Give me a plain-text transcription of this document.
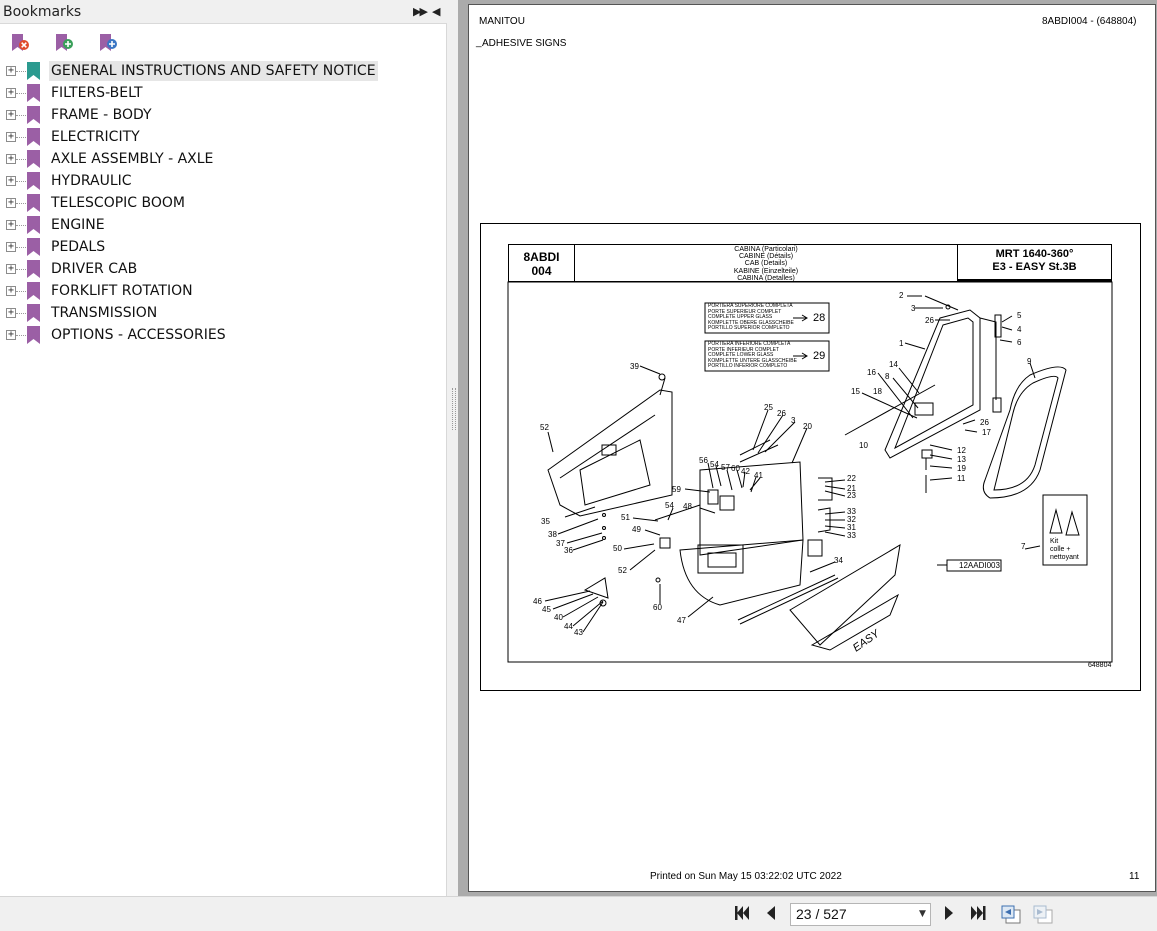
Bookmarks	▶▶ ◀
+	GENERAL INSTRUCTIONS AND SAFETY NOTICE
+	FILTERS-BELT
+	FRAME - BODY
+	ELECTRICITY
+	AXLE ASSEMBLY - AXLE
+	HYDRAULIC
+	TELESCOPIC BOOM
+	ENGINE
+	PEDALS
+	DRIVER CAB
+	FORKLIFT ROTATION
+	TRANSMISSION
+	OPTIONS - ACCESSORIES
MANITOU	8ABDI004 - (648804)
_ ADHESIVE SIGNS
8ABDI
004
CABINA (Particolari)
CABINE (Détails)
CAB (Details)
KABINE (Einzelteile)
CABINA (Detalles)
MRT 1640-360°
E3 - EASY St.3B
EASY
2
3
26
5
4
6
1
9
14
8
16
18
15
26
17
12
13
19
11
10
7
39
52
25
26
3
20
56 54 57 60 42 41
59
48
22
21
23
35	51
54
49
33
32
31
33
38
37
36	50
52
34
46
45
40
44
43
60
47
PORTIERA SUPERIORE COMPLETA
PORTE SUPERIEUR COMPLET
COMPLETE UPPER GLASS
KOMPLETTE OBERE GLASSCHEIBE
PORTILLO SUPERIOR COMPLETO
28
PORTIERA INFERIORE COMPLETA
PORTE INFERIEUR COMPLET
COMPLETE LOWER GLASS
KOMPLETTE UNTERE GLASSCHEIBE
PORTILLO INFERIOR COMPLETO
29
Kit
colle +
nettoyant
12AADI003
648804
Printed on Sun May 15 03:22:02 UTC 2022	11
23 / 527	▼
